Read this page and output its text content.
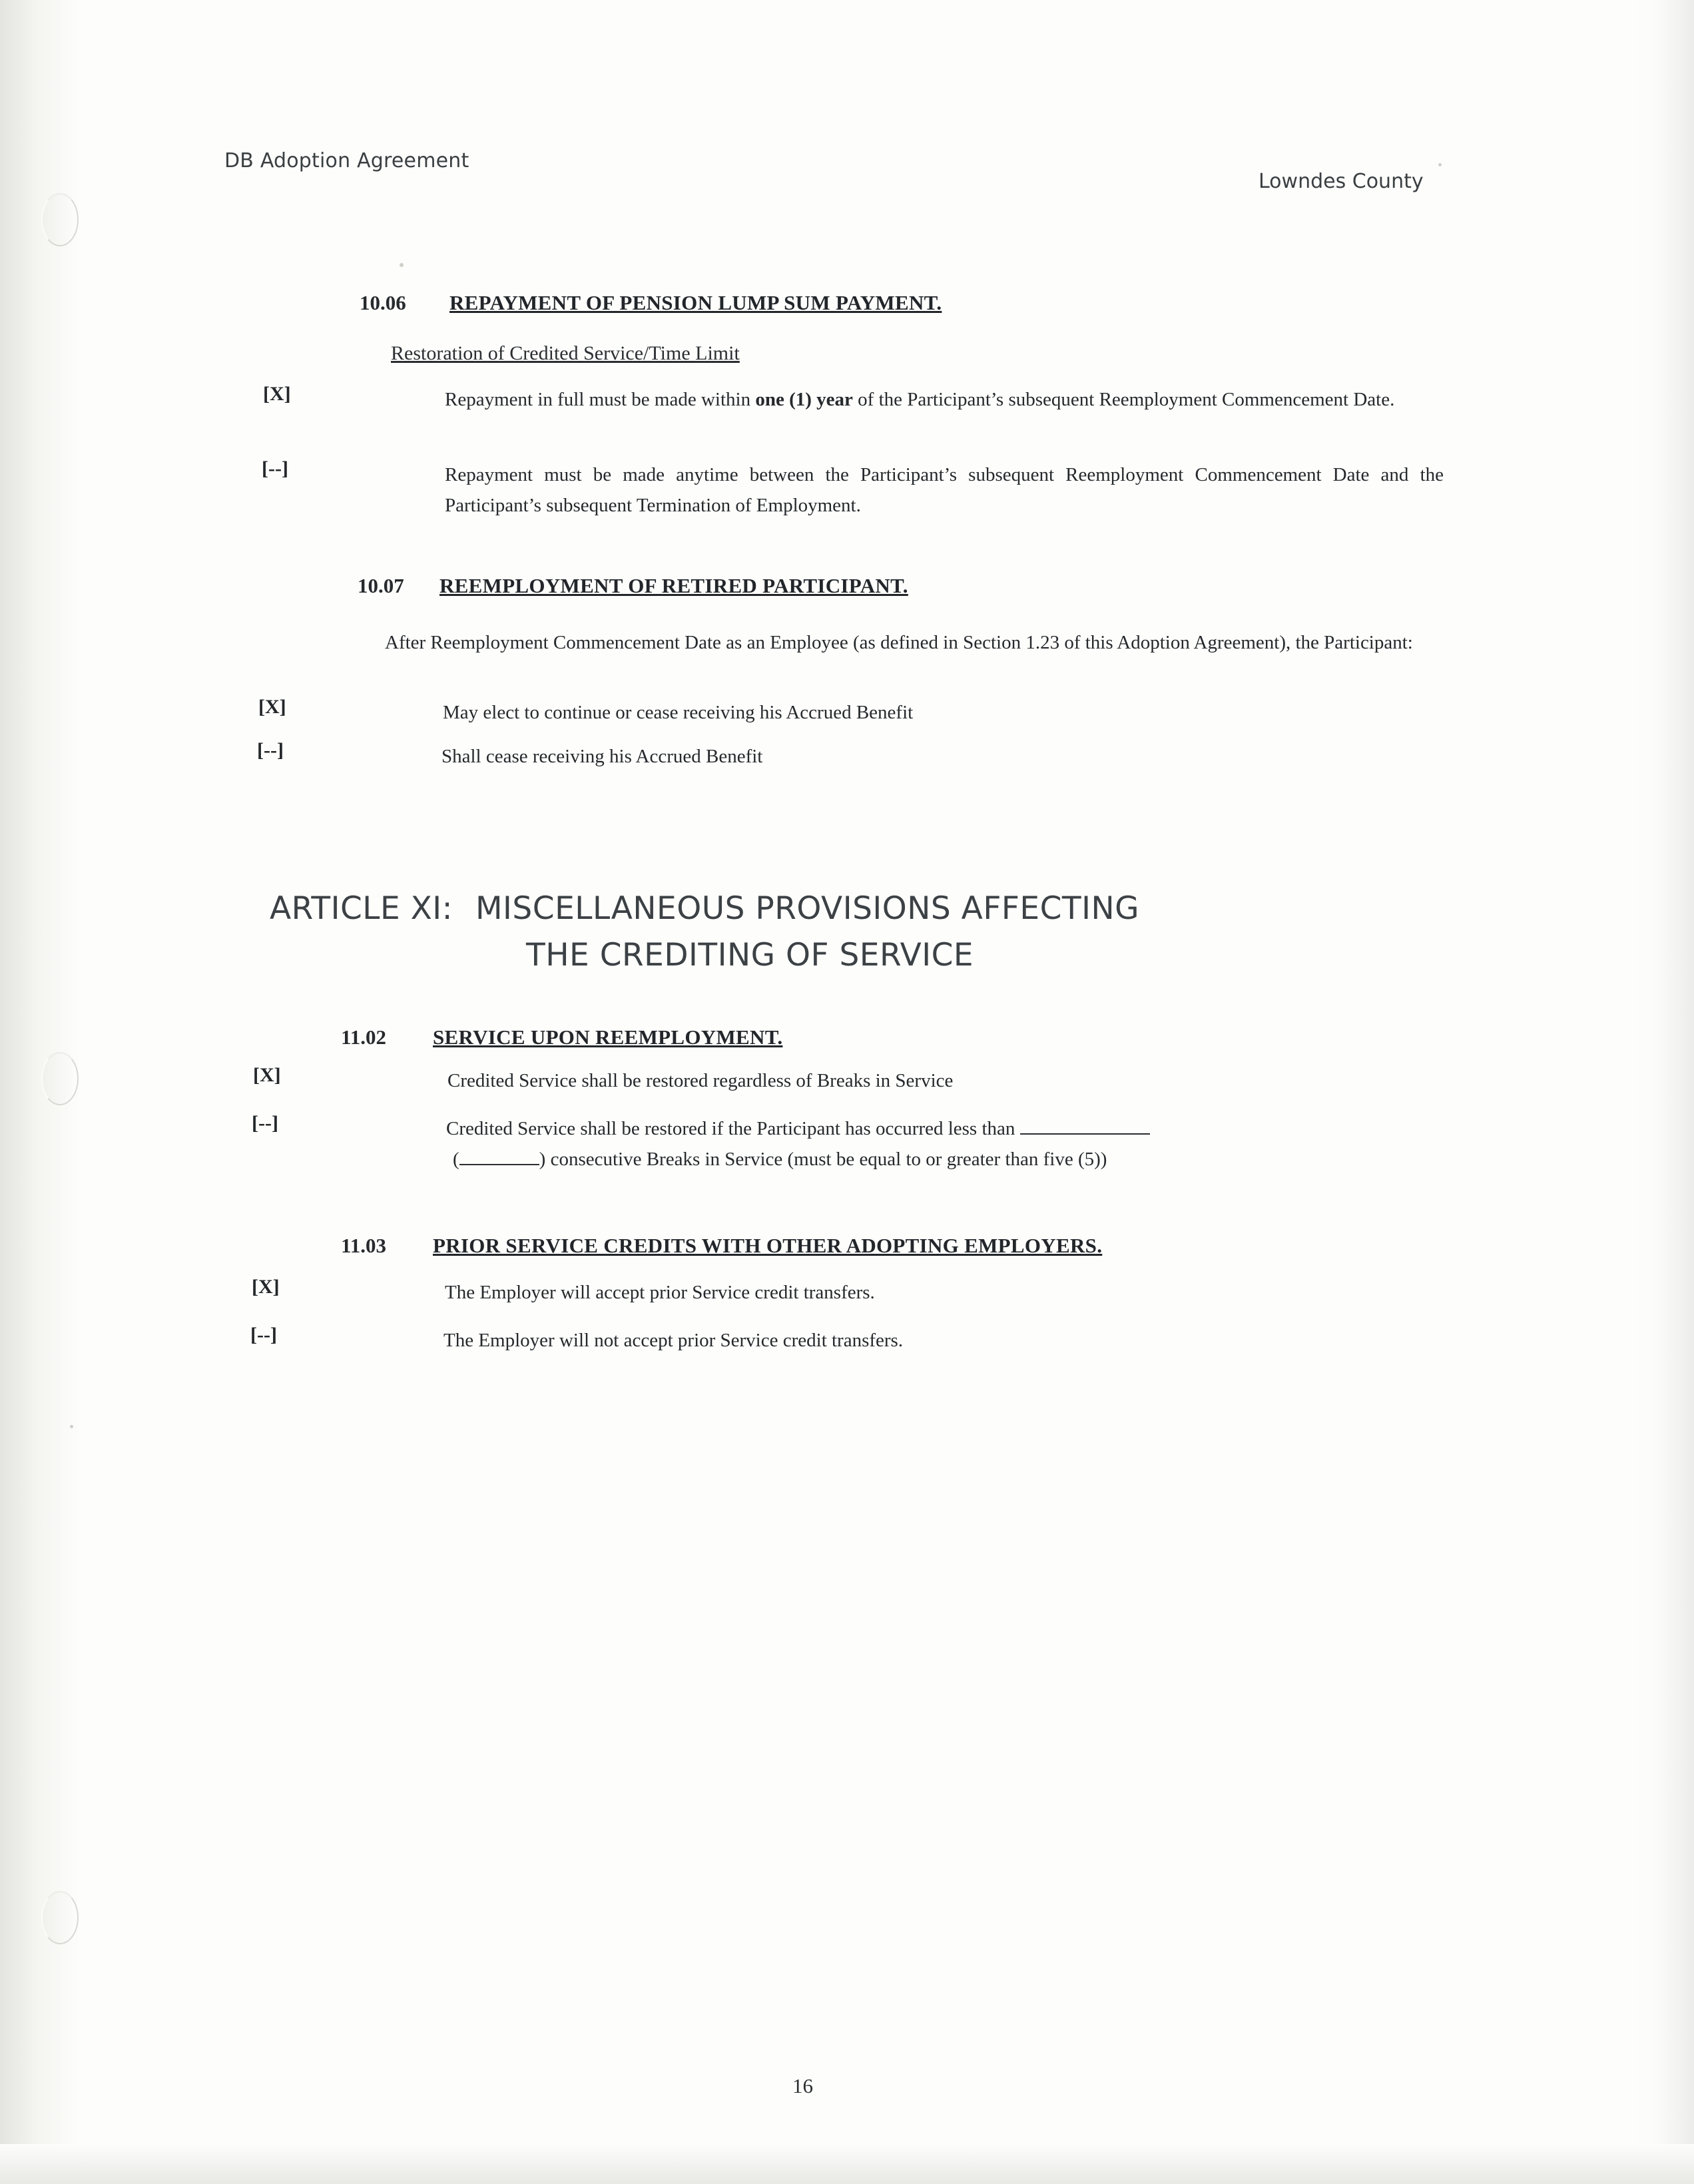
DB Adoption Agreement
Lowndes County
10.06 REPAYMENT OF PENSION LUMP SUM PAYMENT.
Restoration of Credited Service/Time Limit
[X]	Repayment in full must be made within one (1) year of the Participant’s subsequent Reemployment Commencement Date.
[--]	Repayment must be made anytime between the Participant’s subsequent Reemployment Commencement Date and the Participant’s subsequent Termination of Employment.
10.07 REEMPLOYMENT OF RETIRED PARTICIPANT.
After Reemployment Commencement Date as an Employee (as defined in Section 1.23 of this Adoption Agreement), the Participant:
[X]	May elect to continue or cease receiving his Accrued Benefit
[--]	Shall cease receiving his Accrued Benefit
ARTICLE XI: MISCELLANEOUS PROVISIONS AFFECTING
THE CREDITING OF SERVICE
11.02 SERVICE UPON REEMPLOYMENT.
[X]	Credited Service shall be restored regardless of Breaks in Service
[--]	Credited Service shall be restored if the Participant has occurred less than
(	) consecutive Breaks in Service (must be equal to or greater than five (5))
11.03 PRIOR SERVICE CREDITS WITH OTHER ADOPTING EMPLOYERS.
[X]	The Employer will accept prior Service credit transfers.
[--]	The Employer will not accept prior Service credit transfers.
16
